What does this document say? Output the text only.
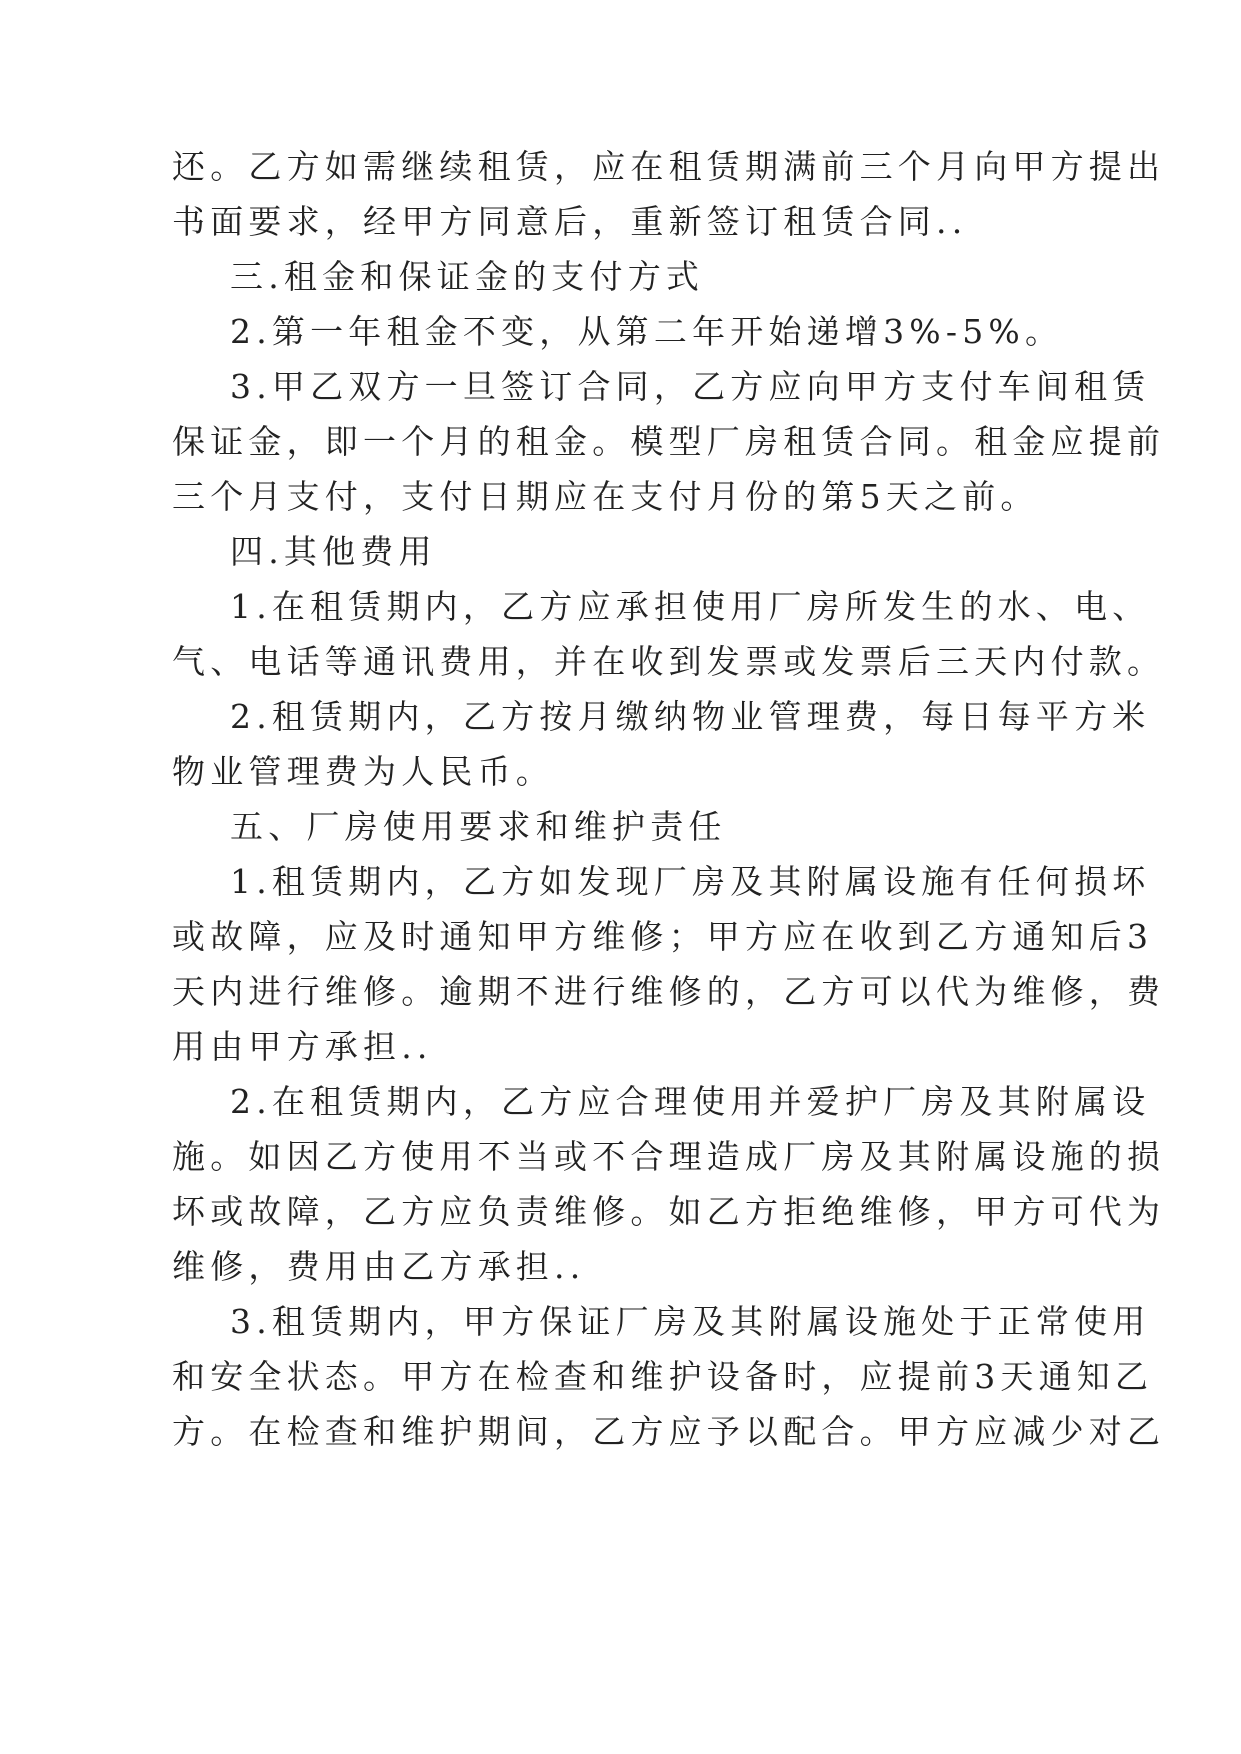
还。乙方如需继续租赁，应在租赁期满前三个月向甲方提出
书面要求，经甲方同意后，重新签订租赁合同..
三.租金和保证金的支付方式
2.第一年租金不变，从第二年开始递增3%-5%。
3.甲乙双方一旦签订合同，乙方应向甲方支付车间租赁
保证金，即一个月的租金。模型厂房租赁合同。租金应提前
三个月支付，支付日期应在支付月份的第5天之前。
四.其他费用
1.在租赁期内，乙方应承担使用厂房所发生的水、电、
气、电话等通讯费用，并在收到发票或发票后三天内付款。
2.租赁期内，乙方按月缴纳物业管理费，每日每平方米
物业管理费为人民币。
五、厂房使用要求和维护责任
1.租赁期内，乙方如发现厂房及其附属设施有任何损坏
或故障，应及时通知甲方维修；甲方应在收到乙方通知后3
天内进行维修。逾期不进行维修的，乙方可以代为维修，费
用由甲方承担..
2.在租赁期内，乙方应合理使用并爱护厂房及其附属设
施。如因乙方使用不当或不合理造成厂房及其附属设施的损
坏或故障，乙方应负责维修。如乙方拒绝维修，甲方可代为
维修，费用由乙方承担..
3.租赁期内，甲方保证厂房及其附属设施处于正常使用
和安全状态。甲方在检查和维护设备时，应提前3天通知乙
方。在检查和维护期间，乙方应予以配合。甲方应减少对乙
